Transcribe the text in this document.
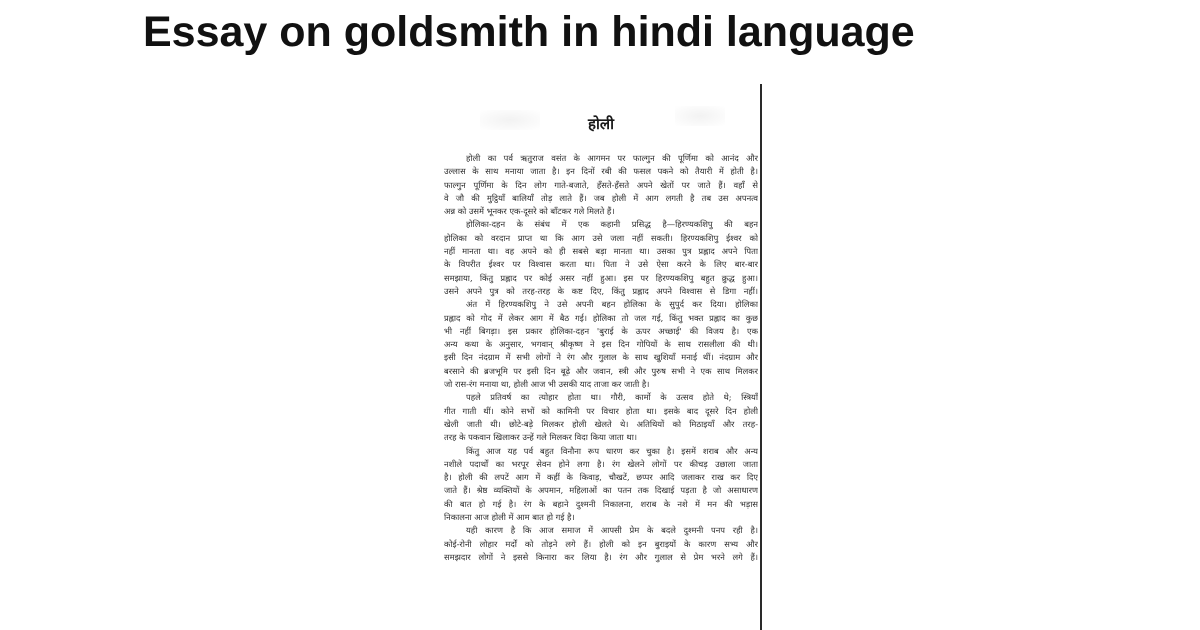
Essay on goldsmith in hindi language
होली
होली का पर्व ऋतुराज वसंत के आगमन पर फाल्गुन की पूर्णिमा को आनंद और
उल्लास के साथ मनाया जाता है। इन दिनों रबी की फसल पकने को तैयारी में होती है।
फाल्गुन पूर्णिमा के दिन लोग गाते-बजाते, हँसते-हँसते अपने खेतों पर जाते हैं। वहाँ से
वे जौ की मुट्ठियाँ बालियाँ तोड़ लाते हैं। जब होली में आग लगती है तब उस अपनत्व
अन्न को उसमें भूनकर एक-दूसरे को बाँटकर गले मिलते हैं।
होलिका-दहन के संबंध में एक कहानी प्रसिद्ध है—हिरण्यकशिपु की बहन
होलिका को वरदान प्राप्त था कि आग उसे जला नहीं सकती। हिरण्यकशिपु ईश्वर को
नहीं मानता था। वह अपने को ही सबसे बड़ा मानता था। उसका पुत्र प्रह्लाद अपने पिता
के विपरीत ईश्वर पर विश्वास करता था। पिता ने उसे ऐसा करने के लिए बार-बार
समझाया, किंतु प्रह्लाद पर कोई असर नहीं हुआ। इस पर हिरण्यकशिपु बहुत क्रुद्ध हुआ।
उसने अपने पुत्र को तरह-तरह के कष्ट दिए, किंतु प्रह्लाद अपने विश्वास से डिगा नहीं।
अंत में हिरण्यकशिपु ने उसे अपनी बहन होलिका के सुपुर्द कर दिया। होलिका
प्रह्लाद को गोद में लेकर आग में बैठ गई। होलिका तो जल गई, किंतु भक्त प्रह्लाद का कुछ
भी नहीं बिगड़ा। इस प्रकार होलिका-दहन 'बुराई के ऊपर अच्छाई' की विजय है। एक
अन्य कथा के अनुसार, भगवान् श्रीकृष्ण ने इस दिन गोपियों के साथ रासलीला की थी।
इसी दिन नंदग्राम में सभी लोगों ने रंग और गुलाल के साथ खुशियाँ मनाई थीं। नंदग्राम और
बरसाने की ब्रजभूमि पर इसी दिन बूढ़े और जवान, स्त्री और पुरुष सभी ने एक साथ मिलकर
जो रास-रंग मनाया था, होली आज भी उसकी याद ताजा कर जाती है।
पहले प्रतिवर्ष का त्योहार होता था। गौरी, कार्मो के उत्सव होते थे; स्त्रियाँ
गीत गाती थीं। कोने सभों को कामिनी पर विचार होता था। इसके बाद दूसरे दिन होली
खेली जाती थी। छोटे-बड़े मिलकर होली खेलते थे। अतिथियों को मिठाइयाँ और तरह-
तरह के पकवान खिलाकर उन्हें गले मिलकर विदा किया जाता था।
किंतु आज यह पर्व बहुत विनौना रूप धारण कर चुका है। इसमें शराब और अन्य
नशीले पदार्थों का भरपूर सेवन होने लगा है। रंग खेलने लोगों पर कीचड़ उछाला जाता
है। होली की लपटें आग में कहीं के किवाड़, चौखटें, छप्पर आदि जलाकर राख कर दिए
जाते हैं। श्रेष्ठ व्यक्तियों के अपमान, महिलाओं का पतन तक दिखाई पड़ता है जो असाधारण
की बात हो गई है। रंग के बहाने दुश्मनी निकालना, शराब के नशे में मन की भड़ास
निकालना आज होली में आम बात हो गई है।
यही कारण है कि आज समाज में आपसी प्रेम के बदले दुश्मनी पनप रही है।
कोई-रोनी लोहार मर्दों को तोड़ने लगे हैं। होली को इन बुराइयों के कारण सभ्य और
समझदार लोगों ने इससे किनारा कर लिया है। रंग और गुलाल से प्रेम भरने लगे हैं।
